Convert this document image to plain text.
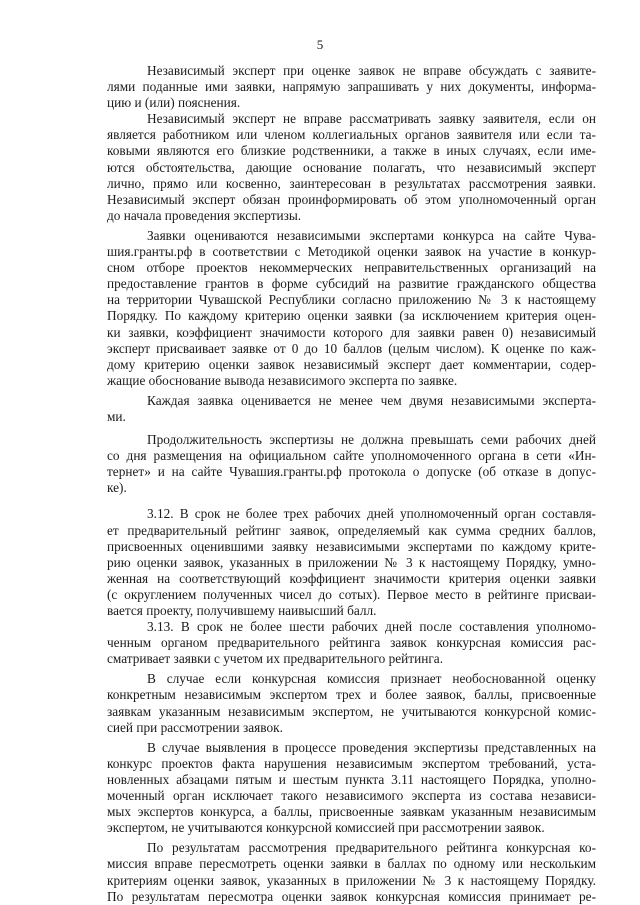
5
Независимый эксперт при оценке заявок не вправе обсуждать с заявите-
лями поданные ими заявки, напрямую запрашивать у них документы, информа-
цию и (или) пояснения.
Независимый эксперт не вправе рассматривать заявку заявителя, если он
является работником или членом коллегиальных органов заявителя или если та-
ковыми являются его близкие родственники, а также в иных случаях, если име-
ются обстоятельства, дающие основание полагать, что независимый эксперт
лично, прямо или косвенно, заинтересован в результатах рассмотрения заявки.
Независимый эксперт обязан проинформировать об этом уполномоченный орган
до начала проведения экспертизы.
Заявки оцениваются независимыми экспертами конкурса на сайте Чува-
шия.гранты.рф в соответствии с Методикой оценки заявок на участие в конкур-
сном отборе проектов некоммерческих неправительственных организаций на
предоставление грантов в форме субсидий на развитие гражданского общества
на территории Чувашской Республики согласно приложению № 3 к настоящему
Порядку. По каждому критерию оценки заявки (за исключением критерия оцен-
ки заявки, коэффициент значимости которого для заявки равен 0) независимый
эксперт присваивает заявке от 0 до 10 баллов (целым числом). К оценке по каж-
дому критерию оценки заявок независимый эксперт дает комментарии, содер-
жащие обоснование вывода независимого эксперта по заявке.
Каждая заявка оценивается не менее чем двумя независимыми эксперта-
ми.
Продолжительность экспертизы не должна превышать семи рабочих дней
со дня размещения на официальном сайте уполномоченного органа в сети «Ин-
тернет» и на сайте Чувашия.гранты.рф протокола о допуске (об отказе в допус-
ке).
3.12. В срок не более трех рабочих дней уполномоченный орган составля-
ет предварительный рейтинг заявок, определяемый как сумма средних баллов,
присвоенных оценившими заявку независимыми экспертами по каждому крите-
рию оценки заявок, указанных в приложении № 3 к настоящему Порядку, умно-
женная на соответствующий коэффициент значимости критерия оценки заявки
(с округлением полученных чисел до сотых). Первое место в рейтинге присваи-
вается проекту, получившему наивысший балл.
3.13. В срок не более шести рабочих дней после составления уполномо-
ченным органом предварительного рейтинга заявок конкурсная комиссия рас-
сматривает заявки с учетом их предварительного рейтинга.
В случае если конкурсная комиссия признает необоснованной оценку
конкретным независимым экспертом трех и более заявок, баллы, присвоенные
заявкам указанным независимым экспертом, не учитываются конкурсной комис-
сией при рассмотрении заявок.
В случае выявления в процессе проведения экспертизы представленных на
конкурс проектов факта нарушения независимым экспертом требований, уста-
новленных абзацами пятым и шестым пункта 3.11 настоящего Порядка, уполно-
моченный орган исключает такого независимого эксперта из состава независи-
мых экспертов конкурса, а баллы, присвоенные заявкам указанным независимым
экспертом, не учитываются конкурсной комиссией при рассмотрении заявок.
По результатам рассмотрения предварительного рейтинга конкурсная ко-
миссия вправе пересмотреть оценки заявки в баллах по одному или нескольким
критериям оценки заявок, указанных в приложении № 3 к настоящему Порядку.
По результатам пересмотра оценки заявок конкурсная комиссия принимает ре-
